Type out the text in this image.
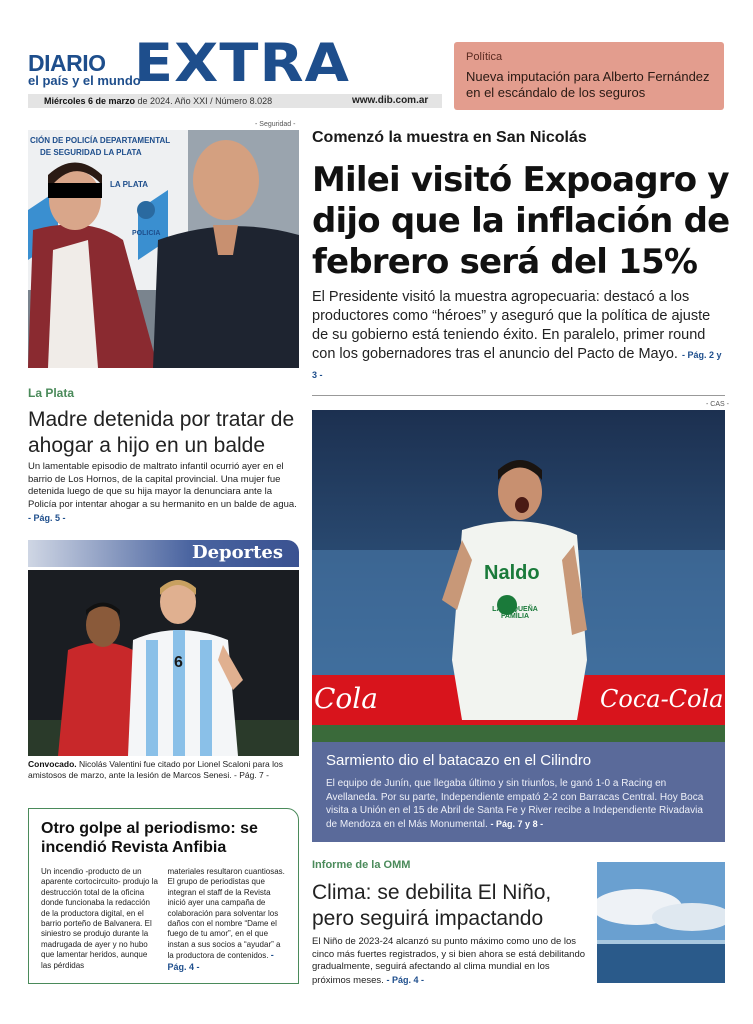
DIARIO
el país y el mundo
EXTRA
Miércoles 6 de marzo de 2024. Año XXI / Número 8.028	www.dib.com.ar
Política
Nueva imputación para Alberto Fernández en el escándalo de los seguros
- Seguridad -
CIÓN DE POLICÍA DEPARTAMENTAL
DE SEGURIDAD LA PLATA
LA PLATA
POLICIA
Comenzó la muestra en San Nicolás
Milei visitó Expoagro y dijo que la inflación de febrero será del 15%
El Presidente visitó la muestra agropecuaria: destacó a los productores como “héroes” y aseguró que la política de ajuste de su gobierno está teniendo éxito. En paralelo, primer round con los gobernadores tras el anuncio del Pacto de Mayo. - Pág. 2 y 3 -
La Plata
Madre detenida por tratar de ahogar a hijo en un balde
Un lamentable episodio de maltrato infantil ocurrió ayer en el barrio de Los Hornos, de la capital provincial. Una mujer fue detenida luego de que su hija mayor la denunciara ante la Policía por intentar ahogar a su hermanito en un balde de agua. - Pág. 5 -
Deportes
6
Convocado. Nicolás Valentini fue citado por Lionel Scaloni para los amistosos de marzo, ante la lesión de Marcos Senesi. - Pág. 7 -
- CAS -
Naldo
LA PEQUEÑA FAMILIA
Cola	Coca-Cola
Sarmiento dio el batacazo en el Cilindro
El equipo de Junín, que llegaba último y sin triunfos, le ganó 1-0 a Racing en Avellaneda. Por su parte, Independiente empató 2-2 con Barracas Central. Hoy Boca visita a Unión en el 15 de Abril de Santa Fe y River recibe a Independiente Rivadavia de Mendoza en el Más Monumental. - Pág. 7 y 8 -
Otro golpe al periodismo: se incendió Revista Anfibia
Un incendio -producto de un aparente cortocircuito- produjo la destrucción total de la oficina donde funcionaba la redacción de la productora digital, en el barrio porteño de Balvanera. El siniestro se produjo durante la madrugada de ayer y no hubo que lamentar heridos, aunque las pérdidas
materiales resultaron cuantiosas. El grupo de periodistas que integran el staff de la Revista inició ayer una campaña de colaboración para solventar los daños con el nombre “Dame el fuego de tu amor”, en el que instan a sus socios a “ayudar” a la productora de contenidos. - Pág. 4 -
Informe de la OMM
Clima: se debilita El Niño, pero seguirá impactando
El Niño de 2023-24 alcanzó su punto máximo como uno de los cinco más fuertes registrados, y si bien ahora se está debilitando gradualmente, seguirá afectando al clima mundial en los próximos meses. - Pág. 4 -
